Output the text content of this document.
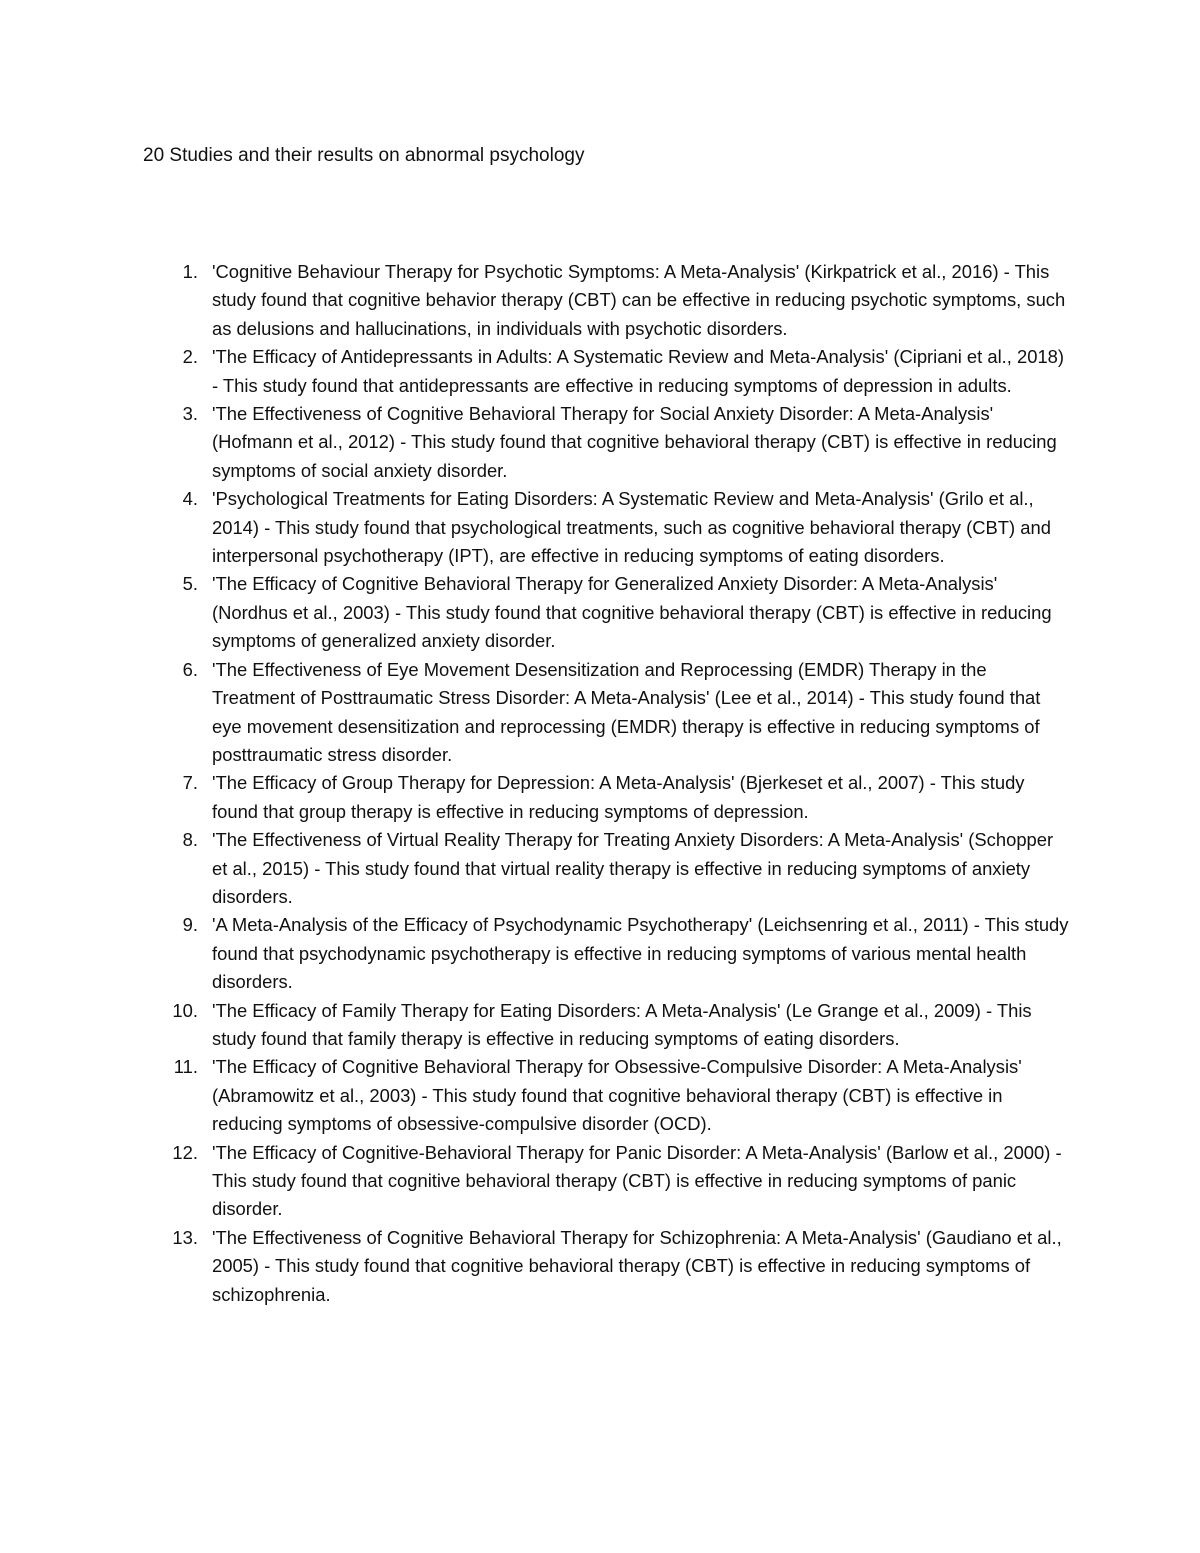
20 Studies and their results on abnormal psychology
1. 'Cognitive Behaviour Therapy for Psychotic Symptoms: A Meta-Analysis' (Kirkpatrick et al., 2016) - This study found that cognitive behavior therapy (CBT) can be effective in reducing psychotic symptoms, such as delusions and hallucinations, in individuals with psychotic disorders.
2. 'The Efficacy of Antidepressants in Adults: A Systematic Review and Meta-Analysis' (Cipriani et al., 2018) - This study found that antidepressants are effective in reducing symptoms of depression in adults.
3. 'The Effectiveness of Cognitive Behavioral Therapy for Social Anxiety Disorder: A Meta-Analysis' (Hofmann et al., 2012) - This study found that cognitive behavioral therapy (CBT) is effective in reducing symptoms of social anxiety disorder.
4. 'Psychological Treatments for Eating Disorders: A Systematic Review and Meta-Analysis' (Grilo et al., 2014) - This study found that psychological treatments, such as cognitive behavioral therapy (CBT) and interpersonal psychotherapy (IPT), are effective in reducing symptoms of eating disorders.
5. 'The Efficacy of Cognitive Behavioral Therapy for Generalized Anxiety Disorder: A Meta-Analysis' (Nordhus et al., 2003) - This study found that cognitive behavioral therapy (CBT) is effective in reducing symptoms of generalized anxiety disorder.
6. 'The Effectiveness of Eye Movement Desensitization and Reprocessing (EMDR) Therapy in the Treatment of Posttraumatic Stress Disorder: A Meta-Analysis' (Lee et al., 2014) - This study found that eye movement desensitization and reprocessing (EMDR) therapy is effective in reducing symptoms of posttraumatic stress disorder.
7. 'The Efficacy of Group Therapy for Depression: A Meta-Analysis' (Bjerkeset et al., 2007) - This study found that group therapy is effective in reducing symptoms of depression.
8. 'The Effectiveness of Virtual Reality Therapy for Treating Anxiety Disorders: A Meta-Analysis' (Schopper et al., 2015) - This study found that virtual reality therapy is effective in reducing symptoms of anxiety disorders.
9. 'A Meta-Analysis of the Efficacy of Psychodynamic Psychotherapy' (Leichsenring et al., 2011) - This study found that psychodynamic psychotherapy is effective in reducing symptoms of various mental health disorders.
10. 'The Efficacy of Family Therapy for Eating Disorders: A Meta-Analysis' (Le Grange et al., 2009) - This study found that family therapy is effective in reducing symptoms of eating disorders.
11. 'The Efficacy of Cognitive Behavioral Therapy for Obsessive-Compulsive Disorder: A Meta-Analysis' (Abramowitz et al., 2003) - This study found that cognitive behavioral therapy (CBT) is effective in reducing symptoms of obsessive-compulsive disorder (OCD).
12. 'The Efficacy of Cognitive-Behavioral Therapy for Panic Disorder: A Meta-Analysis' (Barlow et al., 2000) - This study found that cognitive behavioral therapy (CBT) is effective in reducing symptoms of panic disorder.
13. 'The Effectiveness of Cognitive Behavioral Therapy for Schizophrenia: A Meta-Analysis' (Gaudiano et al., 2005) - This study found that cognitive behavioral therapy (CBT) is effective in reducing symptoms of schizophrenia.
